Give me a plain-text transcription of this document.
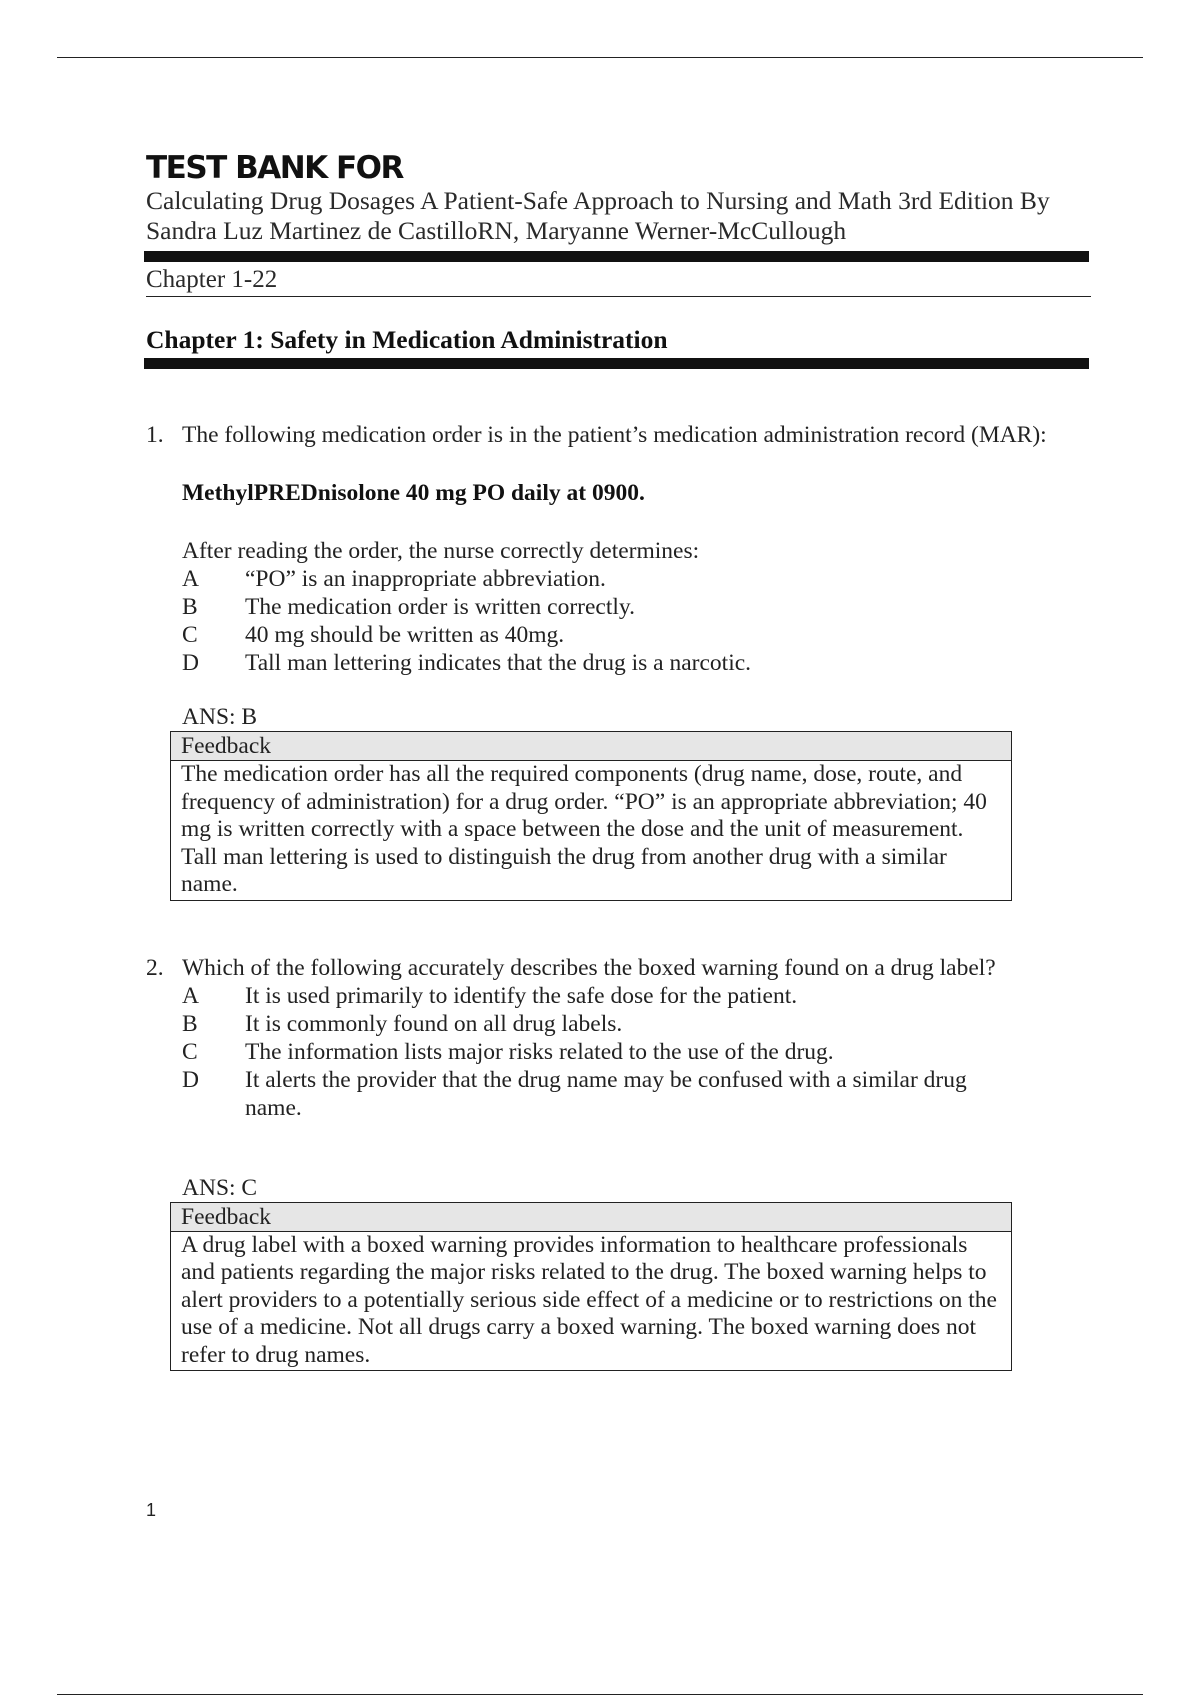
TEST BANK FOR
Calculating Drug Dosages A Patient-Safe Approach to Nursing and Math 3rd Edition By
Sandra Luz Martinez de CastilloRN, Maryanne Werner-McCullough
Chapter 1-22
Chapter 1: Safety in Medication Administration
1. The following medication order is in the patient’s medication administration record (MAR):
MethylPREDnisolone 40 mg PO daily at 0900.
After reading the order, the nurse correctly determines:
A	“PO” is an inappropriate abbreviation.
B	The medication order is written correctly.
C	40 mg should be written as 40mg.
D	Tall man lettering indicates that the drug is a narcotic.
ANS: B
Feedback
The medication order has all the required components (drug name, dose, route, and frequency of administration) for a drug order. “PO” is an appropriate abbreviation; 40 mg is written correctly with a space between the dose and the unit of measurement. Tall man lettering is used to distinguish the drug from another drug with a similar name.
2. Which of the following accurately describes the boxed warning found on a drug label?
A	It is used primarily to identify the safe dose for the patient.
B	It is commonly found on all drug labels.
C	The information lists major risks related to the use of the drug.
D	It alerts the provider that the drug name may be confused with a similar drug name.
ANS: C
Feedback
A drug label with a boxed warning provides information to healthcare professionals and patients regarding the major risks related to the drug. The boxed warning helps to alert providers to a potentially serious side effect of a medicine or to restrictions on the use of a medicine. Not all drugs carry a boxed warning. The boxed warning does not refer to drug names.
1
